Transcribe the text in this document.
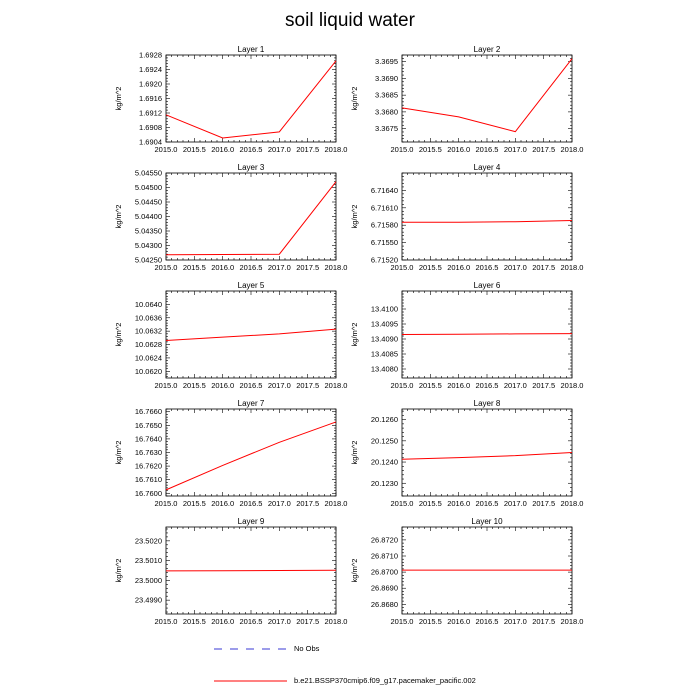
soil liquid water
Layer 1
2015.0 2015.5 2016.0 2016.5 2017.0 2017.5 2018.0
1.6904
1.6908
1.6912
1.6916
1.6920
1.6924
1.6928
kg/m^2
Layer 2
2015.0 2015.5 2016.0 2016.5 2017.0 2017.5 2018.0
3.3675
3.3680
3.3685
3.3690
3.3695
kg/m^2
Layer 3
2015.0 2015.5 2016.0 2016.5 2017.0 2017.5 2018.0
5.04250
5.04300
5.04350
5.04400
5.04450
5.04500
5.04550
kg/m^2
Layer 4
2015.0 2015.5 2016.0 2016.5 2017.0 2017.5 2018.0
6.71520
6.71550
6.71580
6.71610
6.71640
kg/m^2
Layer 5
2015.0 2015.5 2016.0 2016.5 2017.0 2017.5 2018.0
10.0620
10.0624
10.0628
10.0632
10.0636
10.0640
kg/m^2
Layer 6
2015.0 2015.5 2016.0 2016.5 2017.0 2017.5 2018.0
13.4080
13.4085
13.4090
13.4095
13.4100
kg/m^2
Layer 7
2015.0 2015.5 2016.0 2016.5 2017.0 2017.5 2018.0
16.7600
16.7610
16.7620
16.7630
16.7640
16.7650
16.7660
kg/m^2
Layer 8
2015.0 2015.5 2016.0 2016.5 2017.0 2017.5 2018.0
20.1230
20.1240
20.1250
20.1260
kg/m^2
Layer 9
2015.0 2015.5 2016.0 2016.5 2017.0 2017.5 2018.0
23.4990
23.5000
23.5010
23.5020
kg/m^2
Layer 10
2015.0 2015.5 2016.0 2016.5 2017.0 2017.5 2018.0
26.8680
26.8690
26.8700
26.8710
26.8720
kg/m^2
No Obs
b.e21.BSSP370cmip6.f09_g17.pacemaker_pacific.002
